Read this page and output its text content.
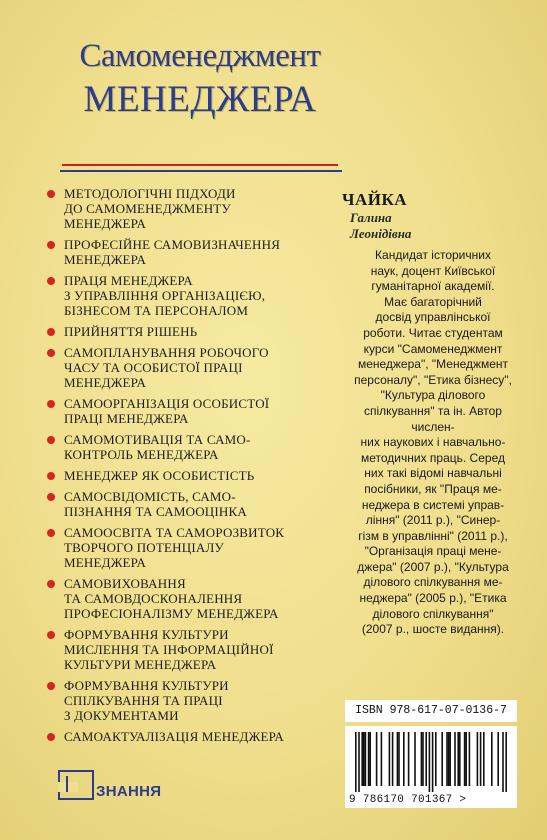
Самоменеджмент
МЕНЕДЖЕРА
МЕТОДОЛОГІЧНІ ПІДХОДИ
ДО САМОМЕНЕДЖМЕНТУ
МЕНЕДЖЕРА
ПРОФЕСІЙНЕ САМОВИЗНАЧЕННЯ
МЕНЕДЖЕРА
ПРАЦЯ МЕНЕДЖЕРА
З УПРАВЛІННЯ ОРГАНІЗАЦІЄЮ,
БІЗНЕСОМ ТА ПЕРСОНАЛОМ
ПРИЙНЯТТЯ РІШЕНЬ
САМОПЛАНУВАННЯ РОБОЧОГО
ЧАСУ ТА ОСОБИСТОЇ ПРАЦІ
МЕНЕДЖЕРА
САМООРГАНІЗАЦІЯ ОСОБИСТОЇ
ПРАЦІ МЕНЕДЖЕРА
САМОМОТИВАЦІЯ ТА САМО-
КОНТРОЛЬ МЕНЕДЖЕРА
МЕНЕДЖЕР ЯК ОСОБИСТІСТЬ
САМОСВІДОМІСТЬ, САМО-
ПІЗНАННЯ ТА САМООЦІНКА
САМООСВІТА ТА САМОРОЗВИТОК
ТВОРЧОГО ПОТЕНЦІАЛУ
МЕНЕДЖЕРА
САМОВИХОВАННЯ
ТА САМОВДОСКОНАЛЕННЯ
ПРОФЕСІОНАЛІЗМУ МЕНЕДЖЕРА
ФОРМУВАННЯ КУЛЬТУРИ
МИСЛЕННЯ ТА ІНФОРМАЦІЙНОЇ
КУЛЬТУРИ МЕНЕДЖЕРА
ФОРМУВАННЯ КУЛЬТУРИ
СПІЛКУВАННЯ ТА ПРАЦІ
З ДОКУМЕНТАМИ
САМОАКТУАЛІЗАЦІЯ МЕНЕДЖЕРА
ЧАЙКА
Галина
Леонідівна
Кандидат історичних
наук, доцент Київської
гуманітарної академії.
Має багаторічний
досвід управлінської
роботи. Читає студентам
курси "Самоменеджмент
менеджера", "Менеджмент
персоналу", "Етика бізнесу",
"Культура ділового спілкування" та ін. Автор числен-
них наукових і навчально-
методичних праць. Серед
них такі відомі навчальні
посібники, як "Праця ме-
неджера в системі управ-
ління" (2011 р.), "Синер-
гізм в управлінні" (2011 р.),
"Організація праці мене-
джера" (2007 р.), "Культура
ділового спілкування ме-
неджера" (2005 р.), "Етика
ділового спілкування"
(2007 р., шосте видання).
ЗНАННЯ
ISBN 978-617-07-0136-7
9 786170 701367 >
